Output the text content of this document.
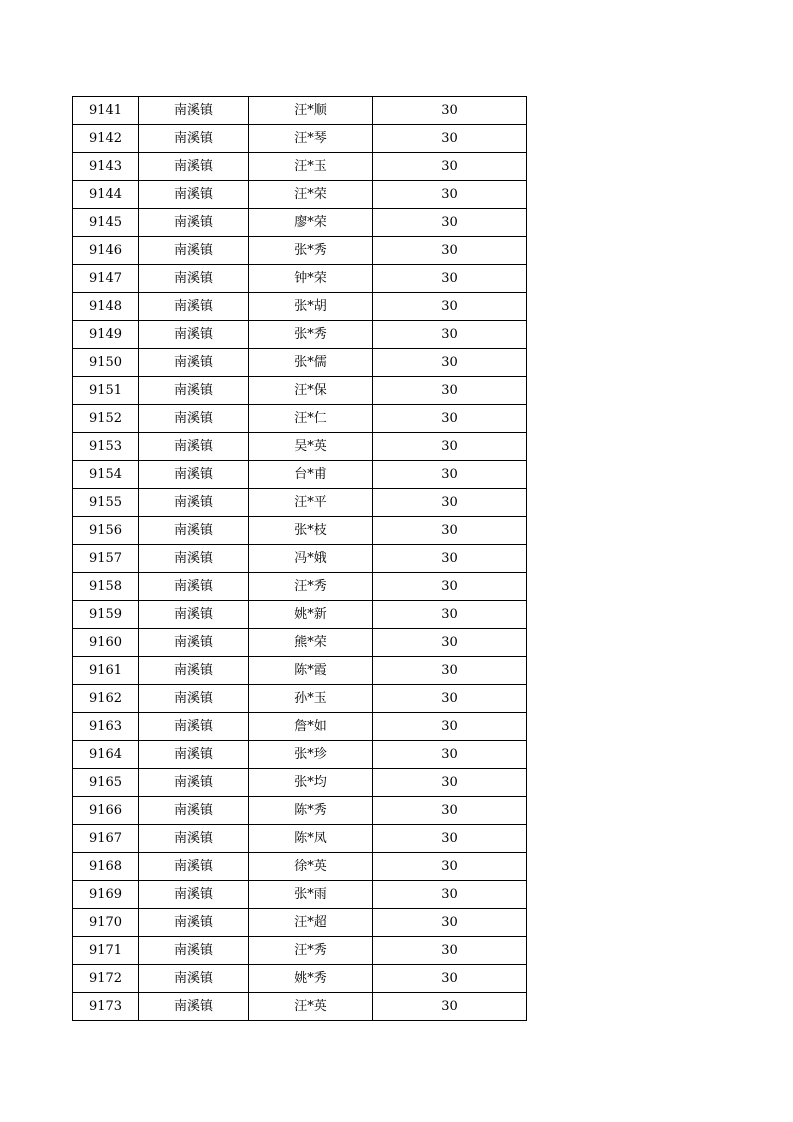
9141	南溪镇	汪*顺	30
9142	南溪镇	汪*琴	30
9143	南溪镇	汪*玉	30
9144	南溪镇	汪*荣	30
9145	南溪镇	廖*荣	30
9146	南溪镇	张*秀	30
9147	南溪镇	钟*荣	30
9148	南溪镇	张*胡	30
9149	南溪镇	张*秀	30
9150	南溪镇	张*儒	30
9151	南溪镇	汪*保	30
9152	南溪镇	汪*仁	30
9153	南溪镇	吴*英	30
9154	南溪镇	台*甫	30
9155	南溪镇	汪*平	30
9156	南溪镇	张*枝	30
9157	南溪镇	冯*娥	30
9158	南溪镇	汪*秀	30
9159	南溪镇	姚*新	30
9160	南溪镇	熊*荣	30
9161	南溪镇	陈*霞	30
9162	南溪镇	孙*玉	30
9163	南溪镇	詹*如	30
9164	南溪镇	张*珍	30
9165	南溪镇	张*均	30
9166	南溪镇	陈*秀	30
9167	南溪镇	陈*凤	30
9168	南溪镇	徐*英	30
9169	南溪镇	张*雨	30
9170	南溪镇	汪*超	30
9171	南溪镇	汪*秀	30
9172	南溪镇	姚*秀	30
9173	南溪镇	汪*英	30
